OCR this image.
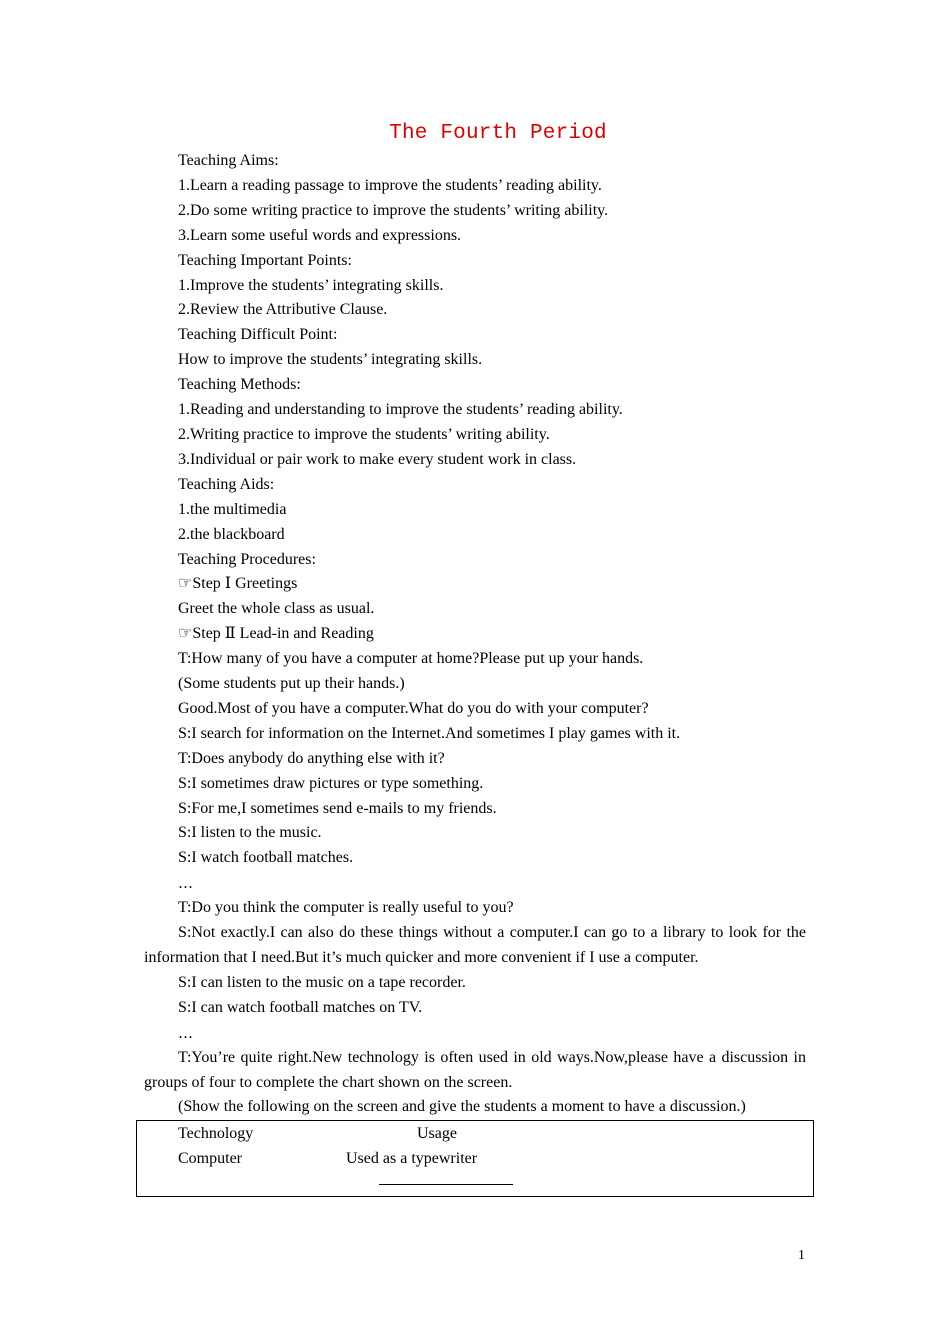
The Fourth Period

Teaching Aims:

1.Learn a reading passage to improve the students’ reading ability.

2.Do some writing practice to improve the students’ writing ability.

3.Learn some useful words and expressions.

Teaching Important Points:

1.Improve the students’ integrating skills.

2.Review the Attributive Clause.

Teaching Difficult Point:

How to improve the students’ integrating skills.

Teaching Methods:

1.Reading and understanding to improve the students’ reading ability.

2.Writing practice to improve the students’ writing ability.

3.Individual or pair work to make every student work in class.

Teaching Aids:

1.the multimedia

2.the blackboard

Teaching Procedures:

☞Step Ⅰ Greetings

Greet the whole class as usual.

☞Step Ⅱ Lead-in and Reading

T:How many of you have a computer at home?Please put up your hands.

(Some students put up their hands.)

Good.Most of you have a computer.What do you do with your computer?

S:I search for information on the Internet.And sometimes I play games with it.

T:Does anybody do anything else with it?

S:I sometimes draw pictures or type something.

S:For me,I sometimes send e-mails to my friends.

S:I listen to the music.

S:I watch football matches.

…

T:Do you think the computer is really useful to you?

S:Not exactly.I can also do these things without a computer.I can go to a library to look for the information that I need.But it’s much quicker and more convenient if I use a computer.

S:I can listen to the music on a tape recorder.

S:I can watch football matches on TV.

…

T:You’re quite right.New technology is often used in old ways.Now,please have a discussion in groups of four to complete the chart shown on the screen.

(Show the following on the screen and give the students a moment to have a discussion.)

Technology	Usage
Computer	Used as a typewriter
1
